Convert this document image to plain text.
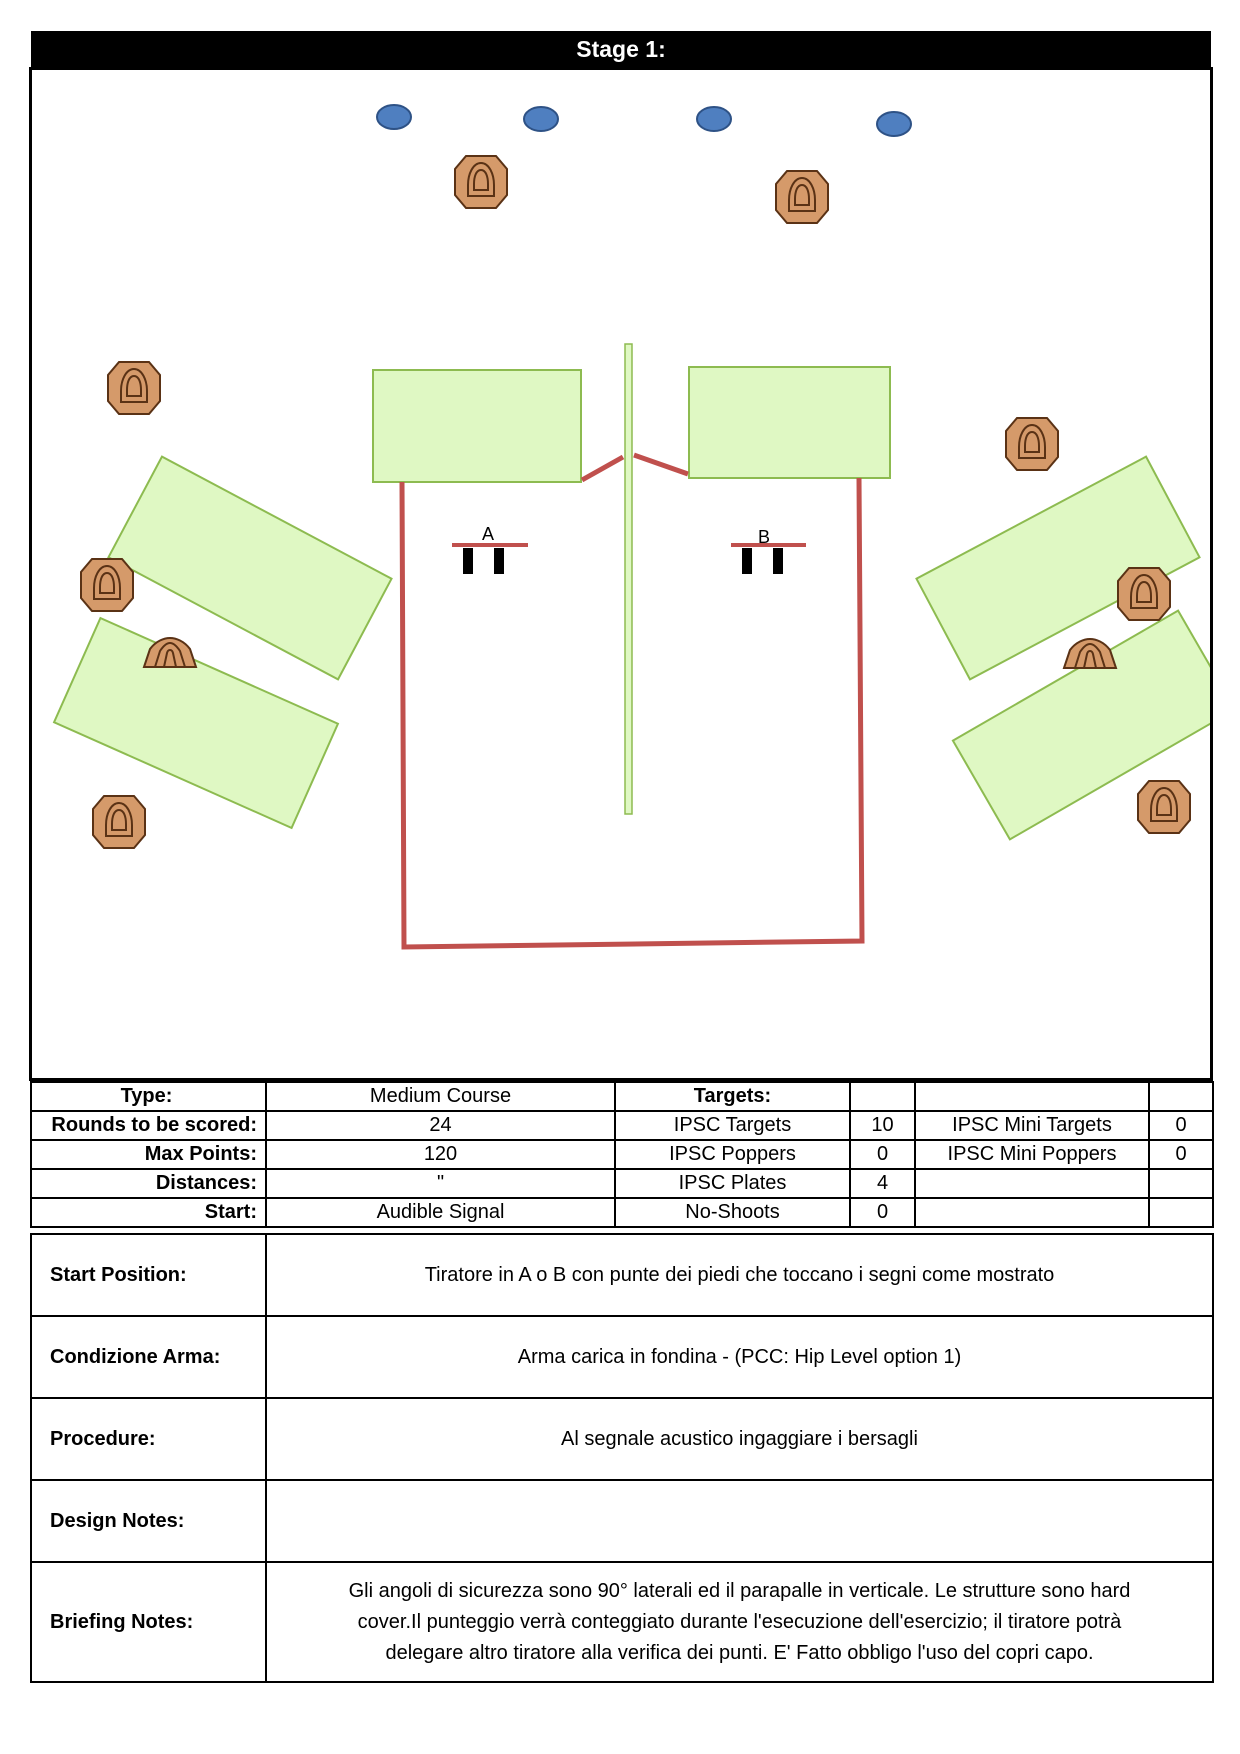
Stage 1:
A	B
Type:	Medium Course	Targets:			
Rounds to be scored:	24	IPSC Targets	10	IPSC Mini Targets	0
Max Points:	120	IPSC Poppers	0	IPSC Mini Poppers	0
Distances:	"	IPSC Plates	4		
Start:	Audible Signal	No-Shoots	0		
Start Position:	Tiratore in A o B con punte dei piedi che toccano i segni come mostrato
Condizione Arma:	Arma carica in fondina - (PCC: Hip Level option 1)
Procedure:	Al segnale acustico ingaggiare i bersagli
Design Notes:	
Briefing Notes:	Gli angoli di sicurezza sono 90° laterali ed il parapalle in verticale. Le strutture sono hard
cover.Il punteggio verrà conteggiato durante l'esecuzione dell'esercizio; il tiratore potrà
delegare altro tiratore alla verifica dei punti. E' Fatto obbligo l'uso del copri capo.
